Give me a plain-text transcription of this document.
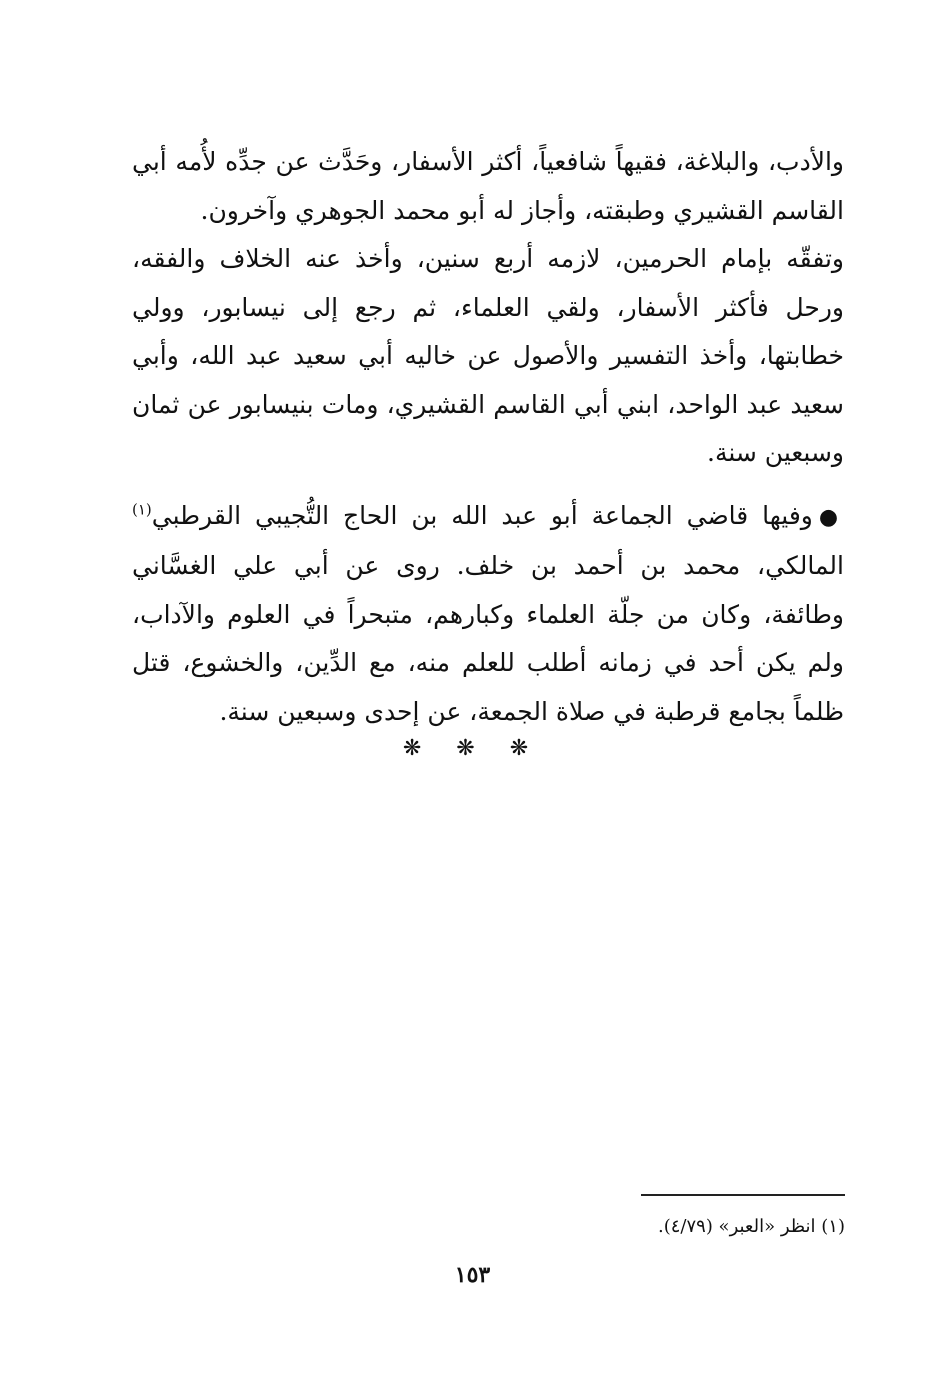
والأدب، والبلاغة، فقيهاً شافعياً، أكثر الأسفار، وحَدَّث عن جدِّه لأُمه أبي القاسم القشيري وطبقته، وأجاز له أبو محمد الجوهري وآخرون.

وتفقّه بإمام الحرمين، لازمه أربع سنين، وأخذ عنه الخلاف والفقه، ورحل فأكثر الأسفار، ولقي العلماء، ثم رجع إلى نيسابور، وولي خطابتها، وأخذ التفسير والأصول عن خاليه أبي سعيد عبد الله، وأبي سعيد عبد الواحد، ابني أبي القاسم القشيري، ومات بنيسابور عن ثمان وسبعين سنة.

●وفيها قاضي الجماعة أبو عبد الله بن الحاج التُّجيبي القرطبي$^{(١)}$ المالكي، محمد بن أحمد بن خلف. روى عن أبي علي الغسَّاني وطائفة، وكان من جلّة العلماء وكبارهم، متبحراً في العلوم والآداب، ولم يكن أحد في زمانه أطلب للعلم منه، مع الدِّين، والخشوع، قتل ظلماً بجامع قرطبة في صلاة الجمعة، عن إحدى وسبعين سنة.

❋ ❋ ❋
(١) انظر «العبر» (٤/٧٩).
١٥٣
